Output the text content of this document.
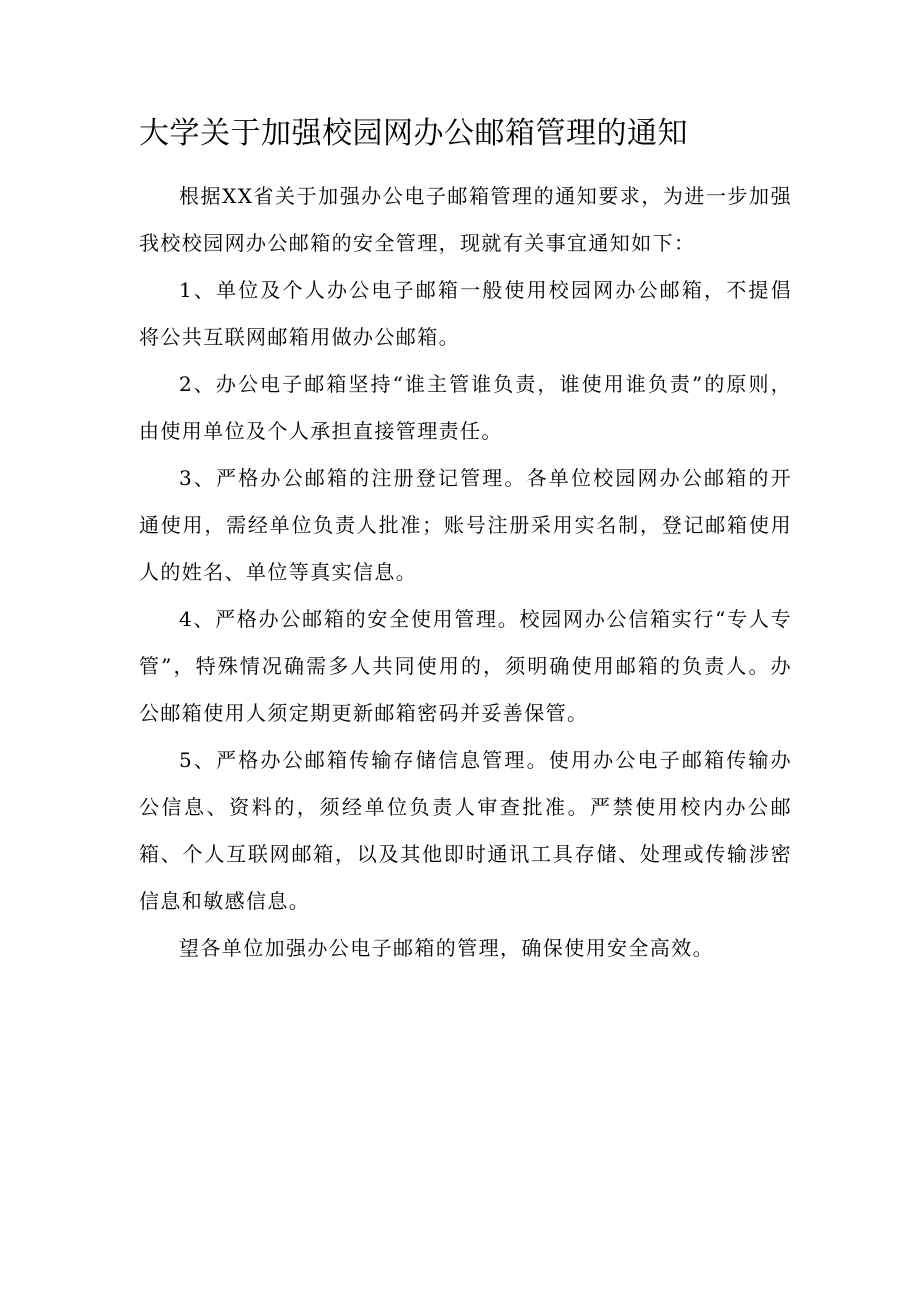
大学关于加强校园网办公邮箱管理的通知

根据XX省关于加强办公电子邮箱管理的通知要求，为进一步加强我校校园网办公邮箱的安全管理，现就有关事宜通知如下：

1、单位及个人办公电子邮箱一般使用校园网办公邮箱，不提倡将公共互联网邮箱用做办公邮箱。

2、办公电子邮箱坚持“谁主管谁负责，谁使用谁负责”的原则，由使用单位及个人承担直接管理责任。

3、严格办公邮箱的注册登记管理。各单位校园网办公邮箱的开通使用，需经单位负责人批准；账号注册采用实名制，登记邮箱使用人的姓名、单位等真实信息。

4、严格办公邮箱的安全使用管理。校园网办公信箱实行“专人专管”，特殊情况确需多人共同使用的，须明确使用邮箱的负责人。办公邮箱使用人须定期更新邮箱密码并妥善保管。

5、严格办公邮箱传输存储信息管理。使用办公电子邮箱传输办公信息、资料的，须经单位负责人审查批准。严禁使用校内办公邮箱、个人互联网邮箱，以及其他即时通讯工具存储、处理或传输涉密信息和敏感信息。

望各单位加强办公电子邮箱的管理，确保使用安全高效。
